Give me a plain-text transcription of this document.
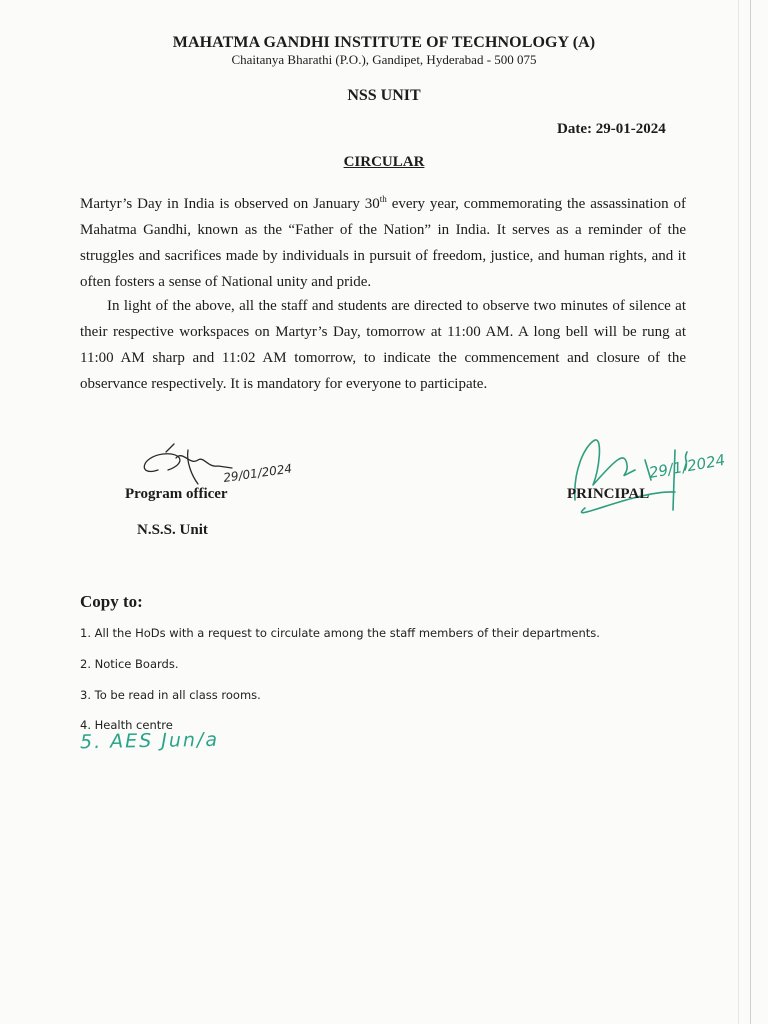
MAHATMA GANDHI INSTITUTE OF TECHNOLOGY (A)
Chaitanya Bharathi (P.O.), Gandipet, Hyderabad - 500 075
NSS UNIT
Date: 29-01-2024
CIRCULAR

Martyr’s Day in India is observed on January 30th every year, commemorating the assassination of Mahatma Gandhi, known as the “Father of the Nation” in India. It serves as a reminder of the struggles and sacrifices made by individuals in pursuit of freedom, justice, and human rights, and it often fosters a sense of National unity and pride.

In light of the above, all the staff and students are directed to observe two minutes of silence at their respective workspaces on Martyr’s Day, tomorrow at 11:00 AM. A long bell will be rung at 11:00 AM sharp and 11:02 AM tomorrow, to indicate the commencement and closure of the observance respectively. It is mandatory for everyone to participate.

29/01/2024
Program officer
N.S.S. Unit
29/1/2024
PRINCIPAL
Copy to:
1. All the HoDs with a request to circulate among the staff members of their departments.
2. Notice Boards.
3. To be read in all class rooms.
4. Health centre
5. AES Jun/a
